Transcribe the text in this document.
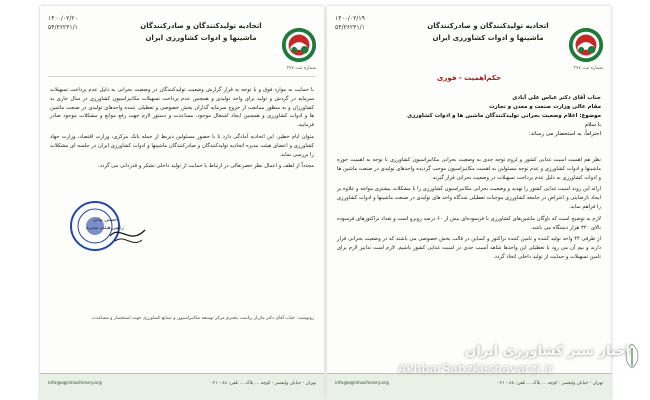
۱۴۰۰/۰۳/۲۰
۵۴/۳۶۲۳۱/۱	اتحادیه تولیدکنندگان و صادرکنندگان
ماشینها و ادوات کشاورزی ایران
شماره ثبت ۳۷۷

با حمایت به موارد فوق و با توجه به قرار گزارش وضعیت تولیدکنندگان در وضعیت بحرانی به دلیل عدم پرداخت تسهیلات سرمایه در گردش و تولید برای واحد تولیدی و همچنین عدم پرداخت تسهیلات مکانیزاسیون کشاورزی در سال جاری به کشاورزان و به منظور ممانعت از خروج سرمایه گذاران بخش خصوصی و تعطیلی عمده واحدهای تولیدی در صنعت ماشین ها و ادوات کشاورزی و همچنین ایجاد اشتغال موجود، مساعدت و دستور لازم جهت رفع موانع و مشکلات موجود صادر فرمایید.

متوان ایام خطیر، این اتحادیه آمادگی دارد تا با حضور مسئولین ذیربط از جمله بانک مرکزی، وزارت اقتصاد، وزارت جهاد کشاورزی و اعضای هیئت مدیره اتحادیه تولیدکنندگان و صادرکنندگان ماشینها و ادوات کشاورزی ایران در جلسه ای مشکلات را بررسی نماید.

مجدداً از لطف و اعمال نظر حضرتعالی در ارتباط با حمایت از تولید داخلی تشکر و قدردانی می گردد.

حسین بیاتی
رئیس هیئت مدیره
رونوشت: جناب آقای دکتر مازیار ریاست محترم مرکز توسعه مکانیزاسیون و صنایع کشاورزی جهت استحضار و مساعدت
info@agrimachinery.org	تهران - خیابان ولیعصر - کوچه ... پلاک ... تلفن: ۸۸ - ۰۲۱
۱۴۰۰/۰۳/۱۹
۵۴/۳۶۲۳۱/۱	اتحادیه تولیدکنندگان و صادرکنندگان
ماشینها و ادوات کشاورزی ایران
شماره ثبت ۳۷۷
حکم‌اهمیت - فوری
جناب آقای دکتر عباس علی آبادی
مقام عالی وزارت صنعت و معدن و تجارت
موضوع: اعلام وضعیت بحرانی تولیدکنندگان ماشین ها و ادوات کشاورزی
با سلام
احتراماً، به استحضار می رساند:

نظر هم اهمیت امنیت غذایی کشور و لزوم توجه جدی به وضعیت بحرانی مکانیزاسیون کشاورزی با توجه به اهمیت حوزه ماشینها و ادوات کشاورزی و عدم توجه مسئولین به اهمیت مکانیزاسیون موجب گردیده واحدهای تولیدی در صنعت ماشین ها و ادوات کشاورزی به دلیل عدم پرداخت تسهیلات در وضعیت بحرانی قرار گیرند.

ارائه این روند امنیت غذایی کشور را تهدید و وضعیت بحرانی مکانیزاسیون کشاورزی را با مشکلات بیشتری مواجه و علاوه بر ایجاد نارضایتی و اعتراض در جامعه کشاورزی موجبات تعطیلی شدگاه واحد های تولیدی در صنعت ماشینها و ادوات کشاورزی را فراهم نماید.

لازم به توضیح است که ناوگان ماشین‌های کشاورزی با فرسوده‌ای بیش از ۶۰ درصد روبرو است و تعداد تراکتورهای فرسوده بالای ۳۲۰ هزار دستگاه می باشد.

از طرفی ۴۴ واحد تولید کننده و تامین کننده تراکتور و کمباین در قالب بخش خصوصی می باشند که در وضعیت بحرانی قرار دارند و بیم آن می رود با تعطیلی این واحدها شاهد آسیب جدی در امنیت غذایی کشور باشیم. لازم است تدابیر لازم برای تامین تسهیلات و حمایت از تولید داخلی اتخاذ گردد.

info@agrimachinery.org	تهران - خیابان ولیعصر - کوچه ... پلاک ... تلفن: ۸۸ - ۰۲۱
اخبار سبز کشاورزی ایران
AkhbarSabzKeshavarzi.ir
